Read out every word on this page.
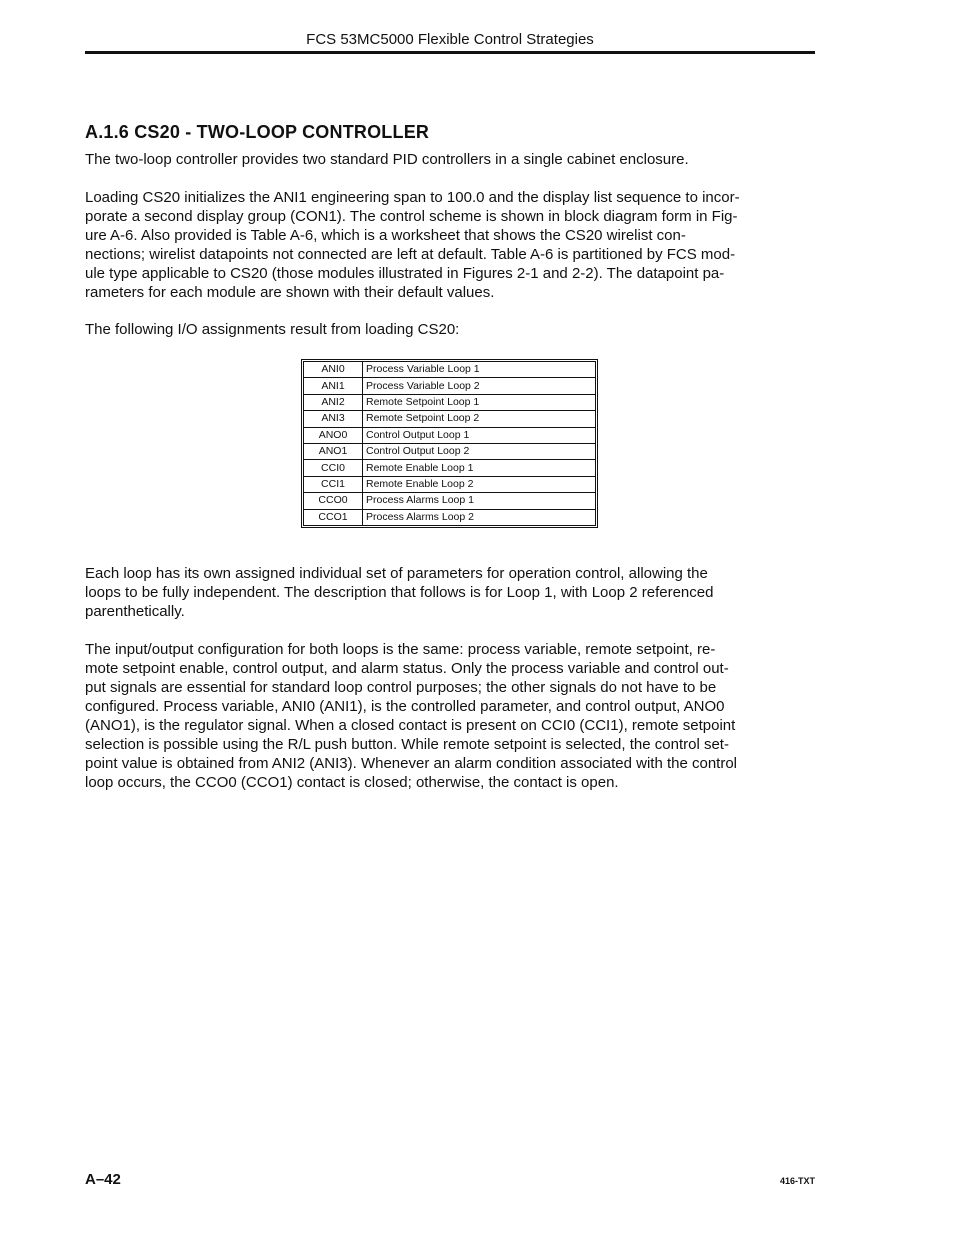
FCS 53MC5000 Flexible Control Strategies
A.1.6 CS20 - TWO-LOOP CONTROLLER

The two-loop controller provides two standard PID controllers in a single cabinet enclosure.

Loading CS20 initializes the ANI1 engineering span to 100.0 and the display list sequence to incor-
porate a second display group (CON1). The control scheme is shown in block diagram form in Fig-
ure A-6. Also provided is Table A-6, which is a worksheet that shows the CS20 wirelist con-
nections; wirelist datapoints not connected are left at default. Table A-6 is partitioned by FCS mod-
ule type applicable to CS20 (those modules illustrated in Figures 2-1 and 2-2). The datapoint pa-
rameters for each module are shown with their default values.

The following I/O assignments result from loading CS20:

ANI0	Process Variable Loop 1
ANI1	Process Variable Loop 2
ANI2	Remote Setpoint Loop 1
ANI3	Remote Setpoint Loop 2
ANO0	Control Output Loop 1
ANO1	Control Output Loop 2
CCI0	Remote Enable Loop 1
CCI1	Remote Enable Loop 2
CCO0	Process Alarms Loop 1
CCO1	Process Alarms Loop 2
Each loop has its own assigned individual set of parameters for operation control, allowing the
loops to be fully independent. The description that follows is for Loop 1, with Loop 2 referenced
parenthetically.
The input/output configuration for both loops is the same: process variable, remote setpoint, re-
mote setpoint enable, control output, and alarm status. Only the process variable and control out-
put signals are essential for standard loop control purposes; the other signals do not have to be
configured. Process variable, ANI0 (ANI1), is the controlled parameter, and control output, ANO0
(ANO1), is the regulator signal. When a closed contact is present on CCI0 (CCI1), remote setpoint
selection is possible using the R/L push button. While remote setpoint is selected, the control set-
point value is obtained from ANI2 (ANI3). Whenever an alarm condition associated with the control
loop occurs, the CCO0 (CCO1) contact is closed; otherwise, the contact is open.
A–42	416-TXT
